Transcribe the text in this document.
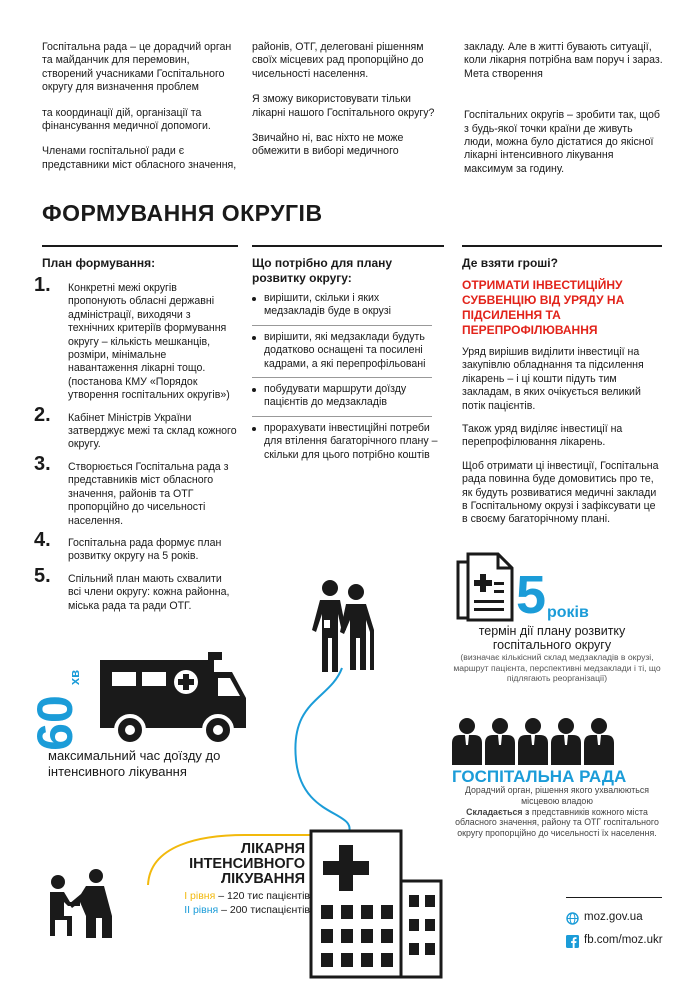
Госпітальна рада – це дорадчий орган та майданчик для перемовин, створений учасниками Госпітального округу для визначення проблем

та координації дій, організації та фінансування медичної допомоги.

Членами госпітальної ради є представники міст обласного значення,

районів, ОТГ, делеговані рішенням своїх місцевих рад пропорційно до чисельності населення.

Я зможу використовувати тільки лікарні нашого Госпітального округу?

Звичайно ні, вас ніхто не може обмежити в виборі медичного

закладу. Але в житті бувають ситуації, коли лікарня потрібна вам поруч і зараз. Мета створення

Госпітальних округів – зробити так, щоб з будь-якої точки країни де живуть люди, можна було дістатися до якісної лікарні інтенсивного лікування максимум за годину.

ФОРМУВАННЯ ОКРУГІВ
План формування:
1. Конкретні межі округів пропонують обласні державні адміністрації, виходячи з технічних критеріїв формування округу – кількість мешканців, розміри, мінімальне навантаження лікарні тощо. (постанова КМУ «Порядок утворення госпітальних округів»)
2. Кабінет Міністрів України затверджує межі та склад кожного округу.
3. Створюється Госпітальна рада з представників міст обласного значення, районів та ОТГ пропорційно до чисельності населення.
4. Госпітальна рада формує план розвитку округу на 5 років.
5. Спільний план мають схвалити всі члени округу: кожна районна, міська рада та ради ОТГ.
Що потрібно для плану розвитку округу:
вирішити, скільки і яких медзакладів буде в окрузі
вирішити, які медзаклади будуть додатково оснащені та посилені кадрами, а які перепрофільовані
побудувати маршрути доїзду пацієнтів до медзакладів
прорахувати інвестиційні потреби для втілення багаторічного плану – скільки для цього потрібно коштів
Де взяти гроші?
ОТРИМАТИ ІНВЕСТИЦІЙНУ СУБВЕНЦІЮ ВІД УРЯДУ НА ПІДСИЛЕННЯ ТА ПЕРЕПРОФІЛЮВАННЯ

Уряд вирішив виділити інвестиції на закупівлю обладнання та підсилення лікарень – і ці кошти підуть тим закладам, в яких очікується великий потік пацієнтів.

Також уряд виділяє інвестиції на перепрофілювання лікарень.

Щоб отримати ці інвестиції, Госпітальна рада повинна буде домовитись про те, як будуть розвиватися медичні заклади в Госпітальному окрузі і зафіксувати це в своєму багаторічному плані.

5 років
термін дії плану розвитку госпітального округу
(визначає кількісний склад медзакладів в окрузі, маршрут пацієнта, перспективні медзаклади і ті, що підлягають реорганізації)
60
хв
максимальний час доїзду до інтенсивного лікування	ГОСПІТАЛЬНА РАДА
Дорадчий орган, рішення якого ухвалюються місцевою владою
Складається з представників кожного міста обласного значення, району та ОТГ госпітального округу пропорційно до чисельності їх населення.
ЛІКАРНЯ
ІНТЕНСИВНОГО
ЛІКУВАННЯ
І рівня – 120 тис пацієнтів
ІІ рівня – 200 тиспацієнтів
moz.gov.ua
fb.com/moz.ukr
